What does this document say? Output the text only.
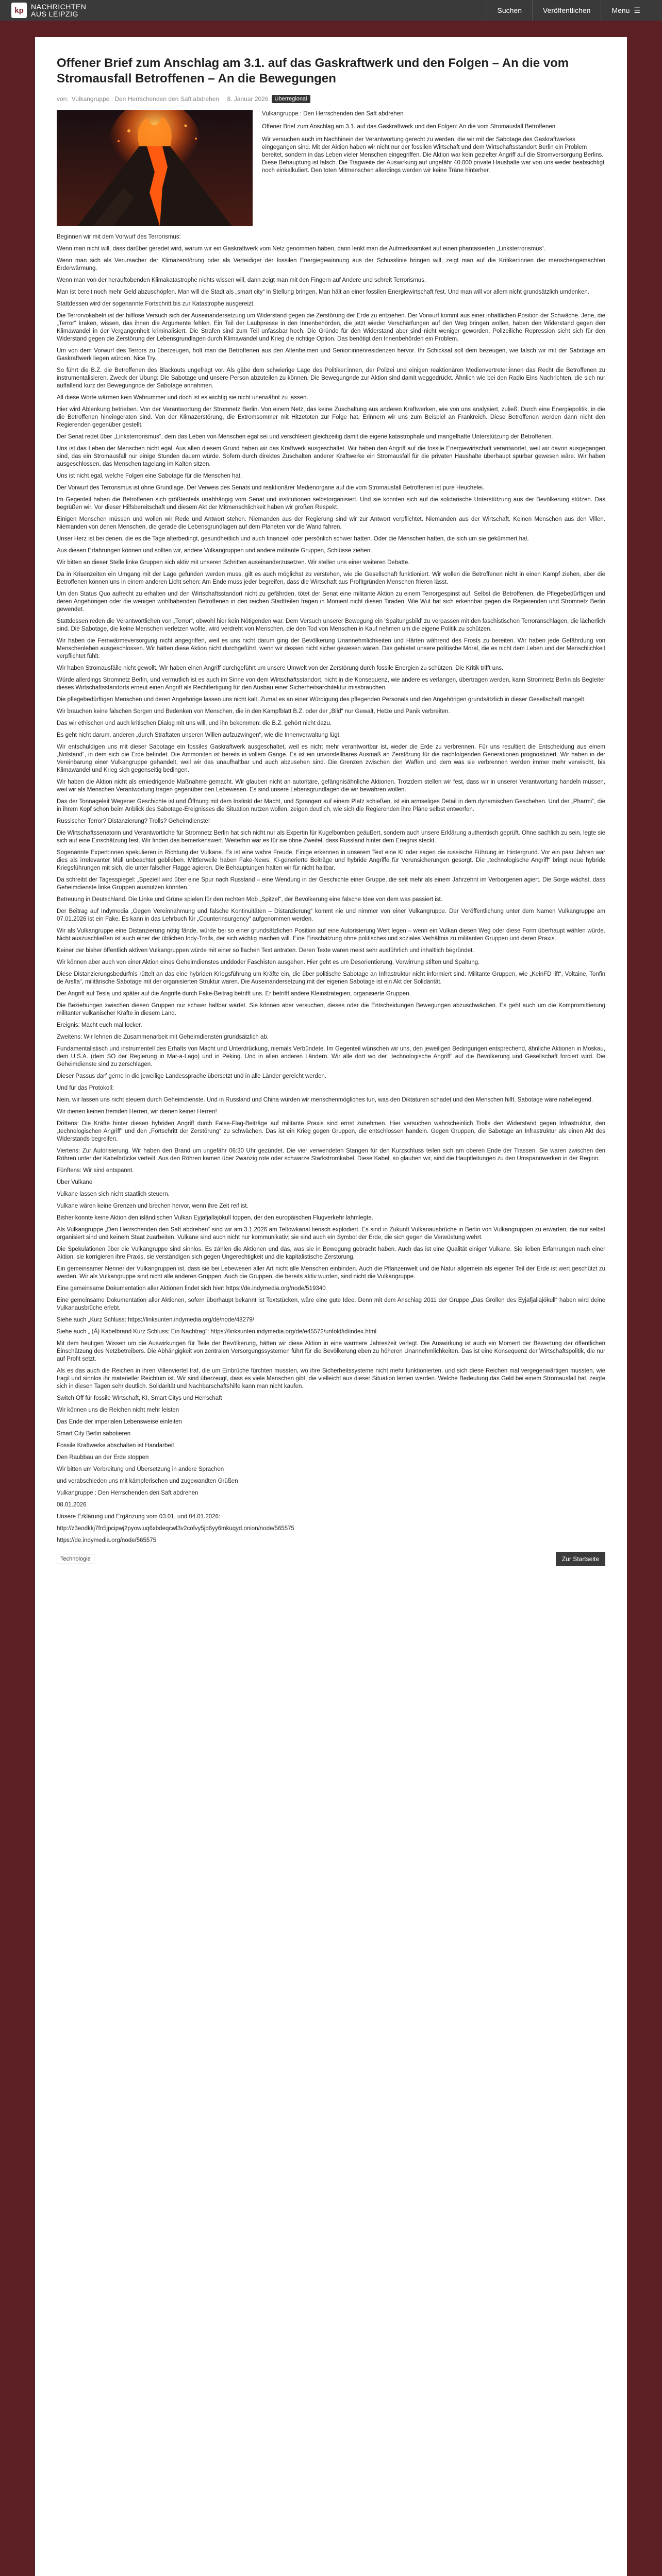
kp	NACHRICHTEN
AUS LEIPZIG	Suchen	Veröffentlichen	Menu ☰
Offener Brief zum Anschlag am 3.1. auf das Gaskraftwerk und den Folgen – An die vom Stromausfall Betroffenen – An die Bewegungen
von: Vulkangruppe : Den Herrschenden den Saft abdrehen
8. Januar 2026	Überregional

Vulkangruppe : Den Herrschenden den Saft abdrehen

Offener Brief zum Anschlag am 3.1. auf das Gaskraftwerk und den Folgen: An die vom Stromausfall Betroffenen

Wir versuchen auch im Nachhinein der Verantwortung gerecht zu werden, die wir mit der Sabotage des Gaskraftwerkes eingegangen sind. Mit der Aktion haben wir nicht nur der fossilen Wirtschaft und dem Wirtschaftsstandort Berlin ein Problem bereitet, sondern in das Leben vieler Menschen eingegriffen. Die Aktion war kein gezielter Angriff auf die Stromversorgung Berlins. Diese Behauptung ist falsch. Die Tragweite der Auswirkung auf ungefähr 40.000 private Haushalte war von uns weder beabsichtigt noch einkalkuliert. Den toten Mitmenschen allerdings werden wir keine Träne hinterher.

Beginnen wir mit dem Vorwurf des Terrorismus:

Wenn man nicht will, dass darüber geredet wird, warum wir ein Gaskraftwerk vom Netz genommen haben, dann lenkt man die Aufmerksamkeit auf einen phantasierten „Linksterrorismus“.

Wenn man sich als Verursacher der Klimazerstörung oder als Verteidiger der fossilen Energiegewinnung aus der Schusslinie bringen will, zeigt man auf die Kritiker:innen der menschengemachten Erderwärmung.

Wenn man von der herauftobenden Klimakatastrophe nichts wissen will, dann zeigt man mit den Fingern auf Andere und schreit Terrorismus.

Man ist bereit noch mehr Geld abzuschöpfen. Man will die Stadt als „smart city“ in Stellung bringen. Man hält an einer fossilen Energiewirtschaft fest. Und man will vor allem nicht grundsätzlich umdenken.

Stattdessen wird der sogenannte Fortschritt bis zur Katastrophe ausgereizt.

Die Terrorvokabeln ist der hilflose Versuch sich der Auseinandersetzung um Widerstand gegen die Zerstörung der Erde zu entziehen. Der Vorwurf kommt aus einer inhaltlichen Position der Schwäche. Jene, die „Terror“ kraken, wissen, das ihnen die Argumente fehlen. Ein Teil der Laubpresse in den Innenbehörden, die jetzt wieder Verschärfungen auf den Weg bringen wollen, haben den Widerstand gegen den Klimawandel in der Vergangenheit kriminalisiert. Die Strafen sind zum Teil unfassbar hoch. Die Gründe für den Widerstand aber sind nicht weniger geworden. Polizeiliche Repression sieht sich für den Widerstand gegen die Zerstörung der Lebensgrundlagen durch Klimawandel und Krieg die richtige Option. Das benötigt den Innenbehörden ein Problem.

Um von dem Vorwurf des Terrors zu überzeugen, holt man die Betroffenen aus den Altenheimen und Senior:innenresidenzen hervor. Ihr Schicksal soll dem bezeugen, wie falsch wir mit der Sabotage am Gaskraftwerk liegen würden. Nice Try.

So führt die B.Z. die Betroffenen des Blackouts ungefragt vor. Als gäbe dem schwierige Lage des Politiker:innen, der Polizei und einigen reaktionären Medienvertreter:innen das Recht die Betroffenen zu instrumentalisieren. Zweck der Übung: Die Sabotage und unsere Person abzuteilen zu können. Die Bewegungnde zur Aktion sind damit weggedrückt. Ähnlich wie bei den Radio Eins Nachrichten, die sich nur auffallend kurz der Bewegungnde der Sabotage annahmen.

All diese Worte wärmen kein Wahrummer und doch ist es wichtig sie nicht unerwähnt zu lassen.

Hier wird Ablenkung betrieben. Von der Verantwortung der Stromnetz Berlin. Von einem Netz, das keine Zuschaltung aus anderen Kraftwerken, wie von uns analysiert, zuließ. Durch eine Energiepolitik, in die die Betroffenen hineingeraten sind. Von der Klimazerstörung, die Extremsommer mit Hitzetoten zur Folge hat. Erinnern wir uns zum Beispiel an Frankreich. Diese Betroffenen werden dann nicht den Regierenden gegenüber gestellt.

Der Senat redet über „Linksterrorismus“, dem das Leben von Menschen egal sei und verschleiert gleichzeitig damit die eigene katastrophale und mangelhafte Unterstützung der Betroffenen.

Uns ist das Leben der Menschen nicht egal. Aus allen diesem Grund haben wir das Kraftwerk ausgeschaltet. Wir haben den Angriff auf die fossile Energiewirtschaft verantwortet, weil wir davon ausgegangen sind, das ein Stromausfall nur einige Stunden dauern würde. Sofern durch direktes Zuschalten anderer Kraftwerke ein Stromausfall für die privaten Haushalte überhaupt spürbar gewesen wäre. Wir haben ausgeschlossen, das Menschen tagelang im Kalten sitzen.

Uns ist nicht egal, welche Folgen eine Sabotage für die Menschen hat.

Der Vorwurf des Terrorismus ist ohne Grundlage. Der Verweis des Senats und reaktionärer Medienorgane auf die vom Stromausfall Betroffenen ist pure Heuchelei.

Im Gegenteil haben die Betroffenen sich größtenteils unabhängig vom Senat und institutionen selbstorganisiert. Und sie konnten sich auf die solidarische Unterstützung aus der Bevölkerung stützen. Das begrüßen wir. Vor dieser Hilfsbereitschaft und diesem Akt der Mitmenschlichkeit haben wir großen Respekt.

Einigen Menschen müssen und wollen wir Rede und Antwort stehen. Niemanden aus der Regierung sind wir zur Antwort verpflichtet. Niemanden aus der Wirtschaft. Keinen Menschen aus den Villen. Niemanden von denen Menschen, die gerade die Lebensgrundlagen auf dem Planeten vor die Wand fahren.

Unser Herz ist bei denen, die es die Tage alterbedingt, gesundheitlich und auch finanziell oder persönlich schwer hatten. Oder die Menschen hatten, die sich um sie gekümmert hat.

Aus diesen Erfahrungen können und sollten wir, andere Vulkangruppen und andere militante Gruppen, Schlüsse ziehen.

Wir bitten an dieser Stelle linke Gruppen sich aktiv mit unseren Schritten auseinanderzusetzen. Wir stellen uns einer weiteren Debatte.

Da in Krisenzeiten ein Umgang mit der Lage gefunden werden muss, gilt es auch möglichst zu verstehen, wie die Gesellschaft funktioniert. Wir wollen die Betroffenen nicht in einen Kampf ziehen, aber die Betroffenen können uns in einem anderen Licht sehen: Am Ende muss jeder begreifen, dass die Wirtschaft aus Profitgründen Menschen frieren lässt.

Um den Status Quo aufrecht zu erhalten und den Wirtschaftsstandort nicht zu gefährden, tötet der Senat eine militante Aktion zu einem Terrorgespinst auf. Selbst die Betroffenen, die Pflegebedürftigen und deren Angehörigen oder die wenigen wohlhabenden Betroffenen in den reichen Stadtteilen fragen in Moment nicht diesen Tiraden. Wie Wut hat sich erkennbar gegen die Regierenden und Stromnetz Berlin gewendet.

Stattdessen reden die Verantwortlichen von „Terror“, obwohl hier kein Nötigenden war. Dem Versuch unserer Bewegung ein 'Spaltungsbild' zu verpassen mit den faschistischen Terroranschlägen, die lächerlich sind. Die Sabotage, die keine Menschen verletzen wollte, wird verdreht von Menschen, die den Tod von Menschen in Kauf nehmen um die eigene Politik zu schützen.

Wir haben die Fernwärmeversorgung nicht angegriffen, weil es uns nicht darum ging der Bevölkerung Unannehmlichkeiten und Härten während des Frosts zu bereiten. Wir haben jede Gefährdung von Menschenleben ausgeschlossen. Wir hätten diese Aktion nicht durchgeführt, wenn wir dessen nicht sicher gewesen wären. Das gebietet unsere politische Moral, die es nicht dem Leben und der Menschlichkeit verpflichtet fühlt.

Wir haben Stromausfälle nicht gewollt. Wir haben einen Angriff durchgeführt um unsere Umwelt von der Zerstörung durch fossile Energien zu schützen. Die Kritik trifft uns.

Würde allerdings Stromnetz Berlin, und vermutlich ist es auch im Sinne von dem Wirtschaftsstandort, nicht in die Konsequenz, wie andere es verlangen, übertragen werden, kann Stromnetz Berlin als Begleiter dieses Wirtschaftsstandorts erneut einen Angriff als Rechtfertigung für den Ausbau einer Sicherheitsarchitektur missbrauchen.

Die pflegebedürftigen Menschen und deren Angehörige lassen uns nicht kalt. Zumal es an einer Würdigung des pflegenden Personals und den Angehörigen grundsätzlich in dieser Gesellschaft mangelt.

Wir brauchen keine falschen Sorgen und Bedenken von Menschen, die in den Kampfblatt B.Z. oder der „Bild“ nur Gewalt, Hetze und Panik verbreiten.

Das wir ethischen und auch kritischen Dialog mit uns will, und ihn bekommen: die B.Z. gehört nicht dazu.

Es geht nicht darum, anderen „durch Straftaten unseren Willen aufzuzwingen“, wie die Innenverwaltung lügt.

Wir entschuldigen uns mit dieser Sabotage ein fossiles Gaskraftwerk ausgeschaltet, weil es nicht mehr verantwortbar ist, weder die Erde zu verbrennen. Für uns resultiert die Entscheidung aus einem „Notstand“, in dem sich die Erde befindet. Die Ammoniten ist bereits in vollem Gange. Es ist ein unvorstellbares Ausmaß an Zerstörung für die nachfolgenden Generationen prognostiziert. Wir haben in der Vereinbarung einer Vulkangruppe gehandelt, weil wir das unaufhaltbar und auch abzusehen sind. Die Grenzen zwischen den Waffen und dem was sie verbrennen werden immer mehr verwischt, bis Klimawandel und Krieg sich gegenseitig bedingen.

Wir haben die Aktion nicht als erniedrigende Maßnahme gemacht. Wir glauben nicht an autoritäre, gefängnisähnliche Aktionen. Trotzdem stellen wir fest, dass wir in unserer Verantwortung handeln müssen, weil wir als Menschen Verantwortung tragen gegenüber den Lebewesen. Es sind unsere Lebensgrundlagen die wir bewahren wollen.

Das der Tonnageleit Wegener Geschichte ist und Öffnung mit dem Instinkt der Macht, und Sprangerr auf einem Platz schießen, ist ein armseliges Detail in dem dynamischen Geschehen. Und der „Pharmi“, die in ihrem Kopf schon beim Anblick des Sabotage-Ereignisses die Situation nutzen wollen, zeigen deutlich, wie sich die Regierenden ihre Pläne selbst entwerfen.

Russischer Terror? Distanzierung? Trolls? Geheimdienste!

Die Wirtschaftssenatorin und Verantwortliche für Stromnetz Berlin hat sich nicht nur als Expertin für Kugelbomben geäußert, sondern auch unsere Erklärung authentisch geprüft. Ohne sachlich zu sein, legte sie sich auf eine Einschätzung fest. Wir finden das bemerkenswert. Weiterhin war es für sie ohne Zweifel, dass Russland hinter dem Ereignis steckt.

Sogenannte Expert:innen spekulieren in Richtung der Vulkane. Es ist eine wahre Freude. Einige erkennen in unserem Text eine KI oder sagen die russische Führung im Hintergrund. Vor ein paar Jahren war dies als irrelevanter Müll unbeachtet geblieben. Mittlerweile haben Fake-News, KI-generierte Beiträge und hybride Angriffe für Verunsicherungen gesorgt. Die „technologische Angriff“ bringt neue hybride Kriegsführungen mit sich, die unter falscher Flagge agieren. Die Behauptungen halten wir für nicht haltbar.

Da schreibt der Tagesspiegel: „Speziell wird über eine Spur nach Russland – eine Wendung in der Geschichte einer Gruppe, die seit mehr als einem Jahrzehnt im Verborgenen agiert. Die Sorge wächst, dass Geheimdienste linke Gruppen ausnutzen könnten.“

Betreuung in Deutschland. Die Linke und Grüne spielen für den rechten Mob „Spitzel“, der Bevölkerung eine falsche Idee von dem was passiert ist.

Der Beitrag auf Indymedia „Gegen Vereinnahmung und falsche Kontinuitäten – Distanzierung“ kommt nie und nimmer von einer Vulkangruppe. Der Veröffentlichung unter dem Namen Vulkangruppe am 07.01.2026 ist ein Fake. Es kann in das Lehrbuch für „Counterinsurgency“ aufgenommen werden.

Wir als Vulkangruppe eine Distanzierung nötig fände, würde bei so einer grundsätzlichen Position auf eine Autorisierung Wert legen – wenn ein Vulkan diesen Weg oder diese Form überhaupt wählen würde. Nicht auszuschließen ist auch einer der üblichen Indy-Trolls, der sich wichtig machen will. Eine Einschätzung ohne politisches und soziales Verhältnis zu militanten Gruppen und deren Praxis.

Keiner der bisher öffentlich aktiven Vulkangruppen würde mit einer so flachen Text antraten. Deren Texte waren meist sehr ausführlich und inhaltlich begründet.

Wir können aber auch von einer Aktion eines Geheimdienstes unddoder Faschisten ausgehen. Hier geht es um Desorientierung, Verwirrung stiften und Spaltung.

Diese Distanzierungsbedürfnis rüttelt an das eine hybriden Kriegsführung um Kräfte ein, die über politische Sabotage an Infrastruktur nicht informiert sind. Militante Gruppen, wie „KeinFD lift“, Voltaine, Tonfin de Arsfla“, militärische Sabotage mit der organisierten Struktur waren. Die Auseinandersetzung mit der eigenen Sabotage ist ein Akt der Solidarität.

Der Angriff auf Tesla und später auf die Angriffe durch Fake-Beitrag betrifft uns. Er betrifft andere Kleinstrategien, organisierte Gruppen.

Die Beziehungen zwischen diesen Gruppen nur schwer haltbar wartet. Sie können aber versuchen, dieses oder die Entscheidungen Bewegungen abzuschwächen. Es geht auch um die Kompromittierung militanter vulkanischer Kräfte in diesem Land.

Ereignis: Macht euch mal locker.

Zweitens: Wir lehnen die Zusammenarbeit mit Geheimdiensten grundsätzlich ab.

Fundamentalistisch und instrumentell des Erhalts von Macht und Unterdrückung, niemals Verbündete. Im Gegenteil wünschen wir uns, den jeweiligen Bedingungen entsprechend, ähnliche Aktionen in Moskau, dem U.S.A. (dem SO der Regierung in Mar-a-Lago) und in Peking. Und in allen anderen Ländern. Wir alle dort wo der „technologische Angriff“ auf die Bevölkerung und Gesellschaft forciert wird. Die Geheimdienste sind zu zerschlagen.

Dieser Passus darf gerne in die jeweilige Landessprache übersetzt und in alle Länder gereicht werden.

Und für das Protokoll:

Nein, wir lassen uns nicht steuern durch Geheimdienste. Und in Russland und China würden wir menschenmögliches tun, was den Diktaturen schadet und den Menschen hilft. Sabotage wäre naheliegend.

Wir dienen keinen fremden Herren, wir dienen keiner Herren!

Drittens: Die Kräfte hinter diesen hybriden Angriff durch False-Flag-Beiträge auf militante Praxis sind ernst zunehmen. Hier versuchen wahrscheinlich Trolls den Widerstand gegen Infrastruktur, den „technologischen Angriff“ und den „Fortschritt der Zerstörung“ zu schwächen. Das ist ein Krieg gegen Gruppen, die entschlossen handeln. Gegen Gruppen, die Sabotage an Infrastruktur als einen Akt des Widerstands begreifen.

Viertens: Zur Autorisierung. Wir haben den Brand um ungefähr 06:30 Uhr gezündet. Die vier verwendeten Stangen für den Kurzschluss teilen sich am oberen Ende der Trassen. Sie waren zwischen den Röhren unter der Kabelbrücke verteilt. Aus den Röhren kamen über 2wanzig rote oder schwarze Starkstromkabel. Diese Kabel, so glauben wir, sind die Hauptleitungen zu den Umspannwerken in der Region.

Fünftens: Wir sind entspannt.

Über Vulkane

Vulkane lassen sich nicht staatlich steuern.

Vulkane wären keine Grenzen und brechen hervor, wenn ihre Zeit reif ist.

Bisher konnte keine Aktion den isländischen Vulkan Eyjafjallajökull toppen, der den europäischen Flugverkehr lahmlegte.

Als Vulkangruppe „Den Herrschenden den Saft abdrehen“ sind wir am 3.1.2026 am Teltowkanal tierisch explodiert. Es sind in Zukunft Vulkanausbrüche in Berlin von Vulkangruppen zu erwarten, die nur selbst organisiert sind und keinem Staat zuarbeiten. Vulkane sind auch nicht nur kommunikativ; sie sind auch ein Symbol der Erde, die sich gegen die Verwüstung wehrt.

Die Spekulationen über die Vulkangruppe sind sinnlos. Es zählen die Aktionen und das, was sie in Bewegung gebracht haben. Auch das ist eine Qualität einiger Vulkane. Sie lieben Erfahrungen nach einer Aktion, sie korrigieren ihre Praxis, sie verständigen sich gegen Ungerechtigkeit und die kapitalistische Zerstörung.

Ein gemeinsamer Nenner der Vulkangruppen ist, dass sie bei Lebewesen aller Art nicht alle Menschen einbinden. Auch die Pflanzenwelt und die Natur allgemein als eigener Teil der Erde ist wert geschützt zu werden. Wir als Vulkangruppe sind nicht alle anderen Gruppen. Auch die Gruppen, die bereits aktiv wurden, sind nicht die Vulkangruppe.

Eine gemeinsame Dokumentation aller Aktionen findet sich hier: https://de.indymedia.org/node/519340

Eine gemeinsame Dokumentation aller Aktionen, sofern überhaupt bekannt ist Textstücken, wäre eine gute Idee. Denn mit dem Anschlag 2011 der Gruppe „Das Grollen des Eyjafjallajökull“ haben wird deine Vulkanausbrüche erlebt.

Siehe auch „Kurz Schluss: https://linksunten.indymedia.org/de/node/48279/

Siehe auch „ (Ä) Kabelbrand Kurz Schluss: Ein Nachtrag“: https://linksunten.indymedia.org/de/e45572/unfold/id/index.html

Mit dem heutigen Wissen um die Auswirkungen für Teile der Bevölkerung, hätten wir diese Aktion in eine warmere Jahreszeit verlegt. Die Auswirkung ist auch ein Moment der Bewertung der öffentlichen Einschätzung des Netzbetreibers. Die Abhängigkeit von zentralen Versorgungssystemen führt für die Bevölkerung eben zu höheren Unannehmlichkeiten. Das ist eine Konsequenz der Wirtschaftspolitik, die nur auf Profit setzt.

Als es das auch die Reichen in ihren Villenviertel traf, die um Einbrüche fürchten mussten, wo ihre Sicherheitssysteme nicht mehr funktionierten, und sich diese Reichen mal vergegenwärtigen mussten, wie fragil und sinnlos ihr materieller Reichtum ist. Wir sind überzeugt, dass es viele Menschen gibt, die vielleicht aus dieser Situation lernen werden. Welche Bedeutung das Geld bei einem Stromausfall hat, zeigte sich in diesen Tagen sehr deutlich. Solidarität und Nachbarschaftshilfe kann man nicht kaufen.

Switch Off für fossile Wirtschaft, KI, Smart Citys und Herrschaft

Wir können uns die Reichen nicht mehr leisten

Das Ende der imperialen Lebensweise einleiten

Smart City Berlin sabotieren

Fossile Kraftwerke abschalten ist Handarbeit

Den Raubbau an der Erde stoppen

Wir bitten um Verbreitung und Übersetzung in andere Sprachen

und verabschieden uns mit kämpferischen und zugewandten Grüßen

Vulkangruppe : Den Herrschenden den Saft abdrehen

08.01.2026

Unsere Erklärung und Ergänzung vom 03.01. und 04.01.2026:

http://z3eodkkj7fn5jpcipwj2pyowiuq6xbdeqcwl3v2cofvy5jb6yy6mkuqyd.onion/node/565575

https://de.indymedia.org/node/565575

Technologie	Zur Startseite
